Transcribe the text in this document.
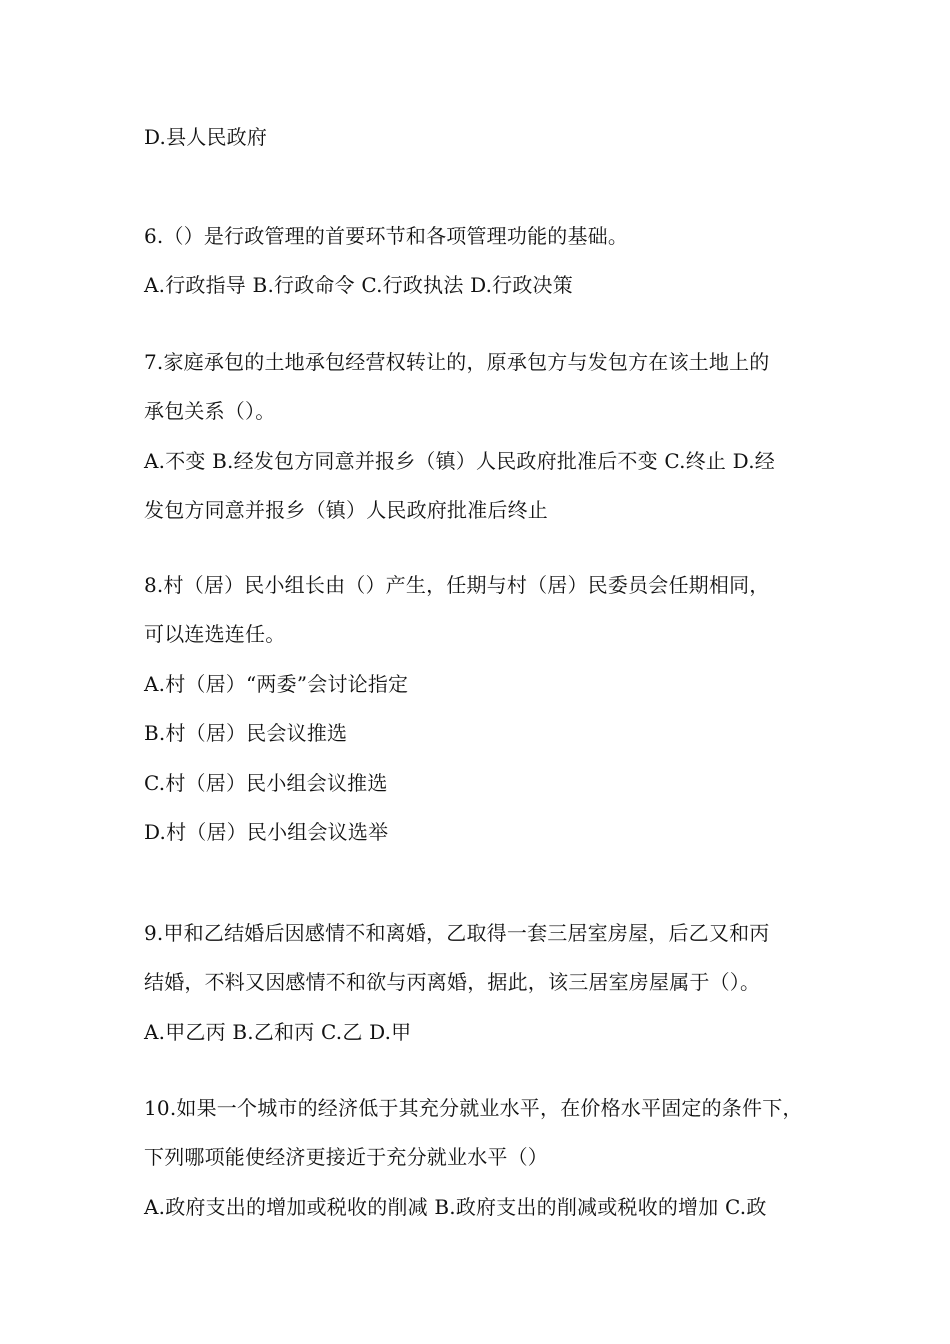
D.县人民政府
6.（）是行政管理的首要环节和各项管理功能的基础。
A.行政指导 B.行政命令 C.行政执法 D.行政决策
7.家庭承包的土地承包经营权转让的，原承包方与发包方在该土地上的
承包关系（）。
A.不变 B.经发包方同意并报乡（镇）人民政府批准后不变 C.终止 D.经
发包方同意并报乡（镇）人民政府批准后终止
8.村（居）民小组长由（）产生，任期与村（居）民委员会任期相同，
可以连选连任。
A.村（居）“两委”会讨论指定
B.村（居）民会议推选
C.村（居）民小组会议推选
D.村（居）民小组会议选举
9.甲和乙结婚后因感情不和离婚，乙取得一套三居室房屋，后乙又和丙
结婚，不料又因感情不和欲与丙离婚，据此，该三居室房屋属于（）。
A.甲乙丙 B.乙和丙 C.乙 D.甲
10.如果一个城市的经济低于其充分就业水平，在价格水平固定的条件下，
下列哪项能使经济更接近于充分就业水平（）
A.政府支出的增加或税收的削减 B.政府支出的削减或税收的增加 C.政
